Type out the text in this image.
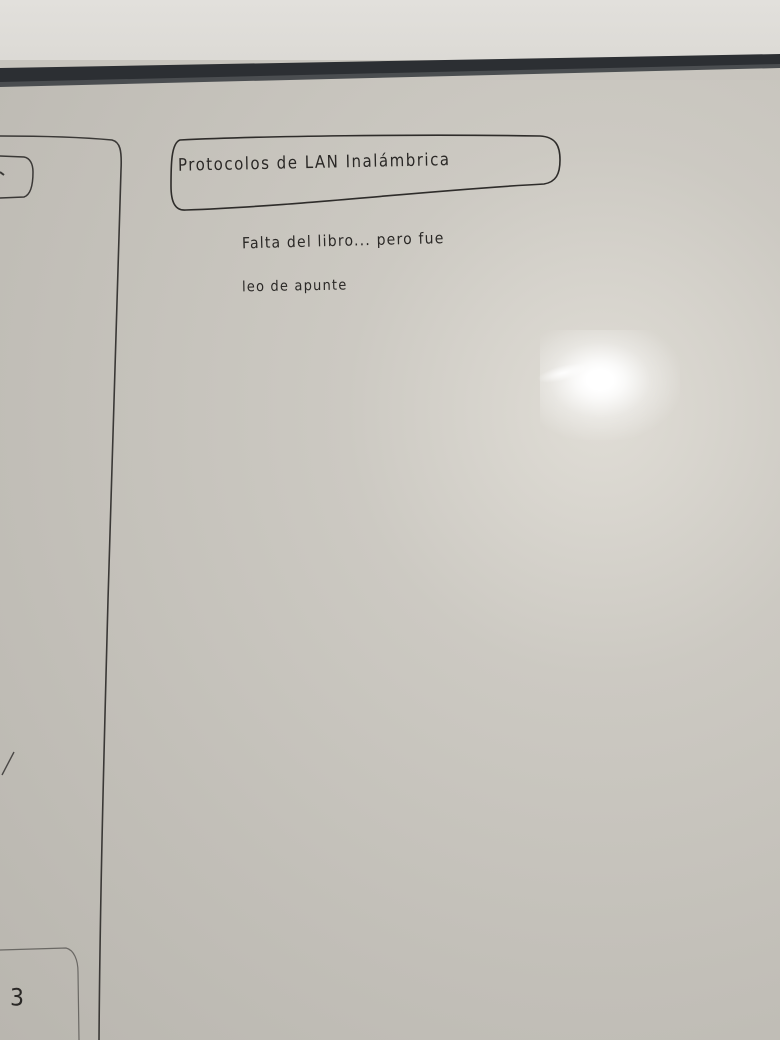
Protocolos de LAN Inalámbrica
Falta del libro... pero fue
leo de apunte
3
